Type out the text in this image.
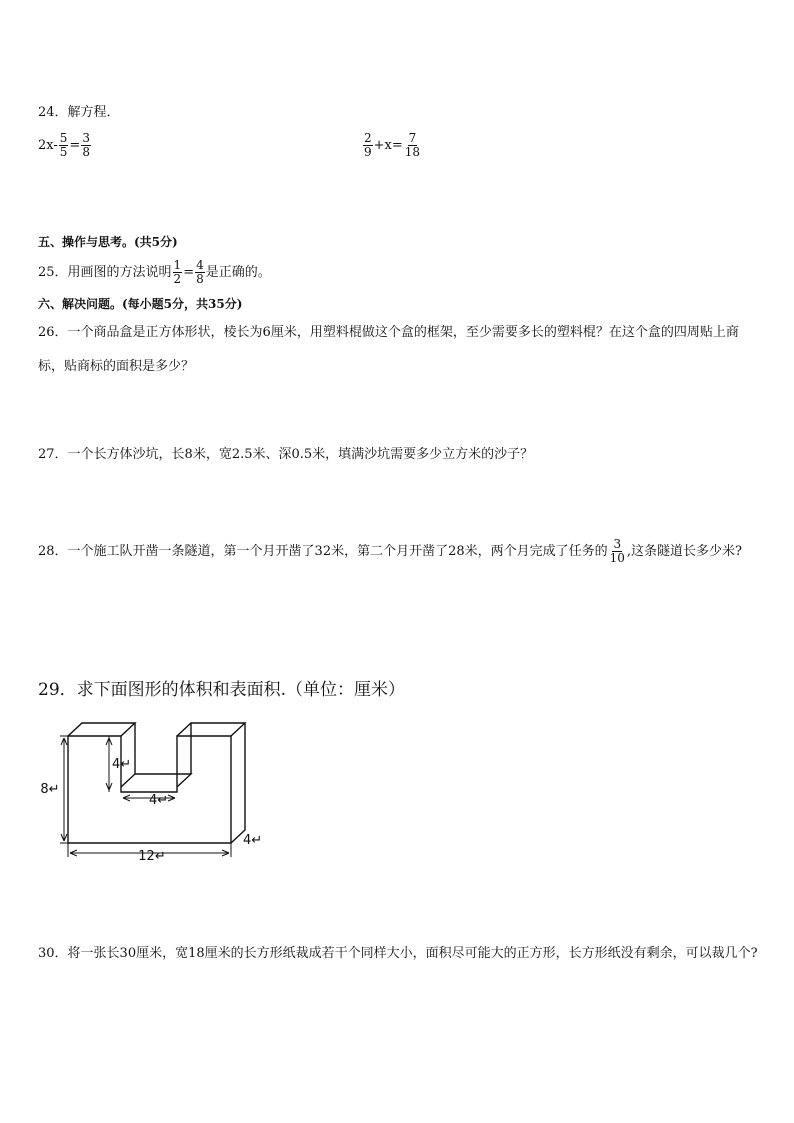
24．解方程．
$2x- \frac{5}{5} = \frac{3}{8}$	$\frac{2}{9} +x= \frac{7}{18}$
五、操作与思考。(共5分)
25．用画图的方法说明 $\frac{1}{2} = \frac{4}{8}$ 是正确的。
六、解决问题。(每小题5分，共35分)
26．一个商品盒是正方体形状，棱长为6厘米，用塑料棍做这个盒的框架，至少需要多长的塑料棍？在这个盒的四周贴上商标，贴商标的面积是多少？
27．一个长方体沙坑，长8米，宽2.5米、深0.5米，填满沙坑需要多少立方米的沙子？
28．一个施工队开凿一条隧道，第一个月开凿了32米，第二个月开凿了28米，两个月完成了任务的 $\frac{3}{10}$ ,这条隧道长多少米?
29．求下面图形的体积和表面积.（单位：厘米）
8↵
4↵
4↵
12↵
4↵
30．将一张长30厘米，宽18厘米的长方形纸裁成若干个同样大小，面积尽可能大的正方形，长方形纸没有剩余，可以裁几个?
